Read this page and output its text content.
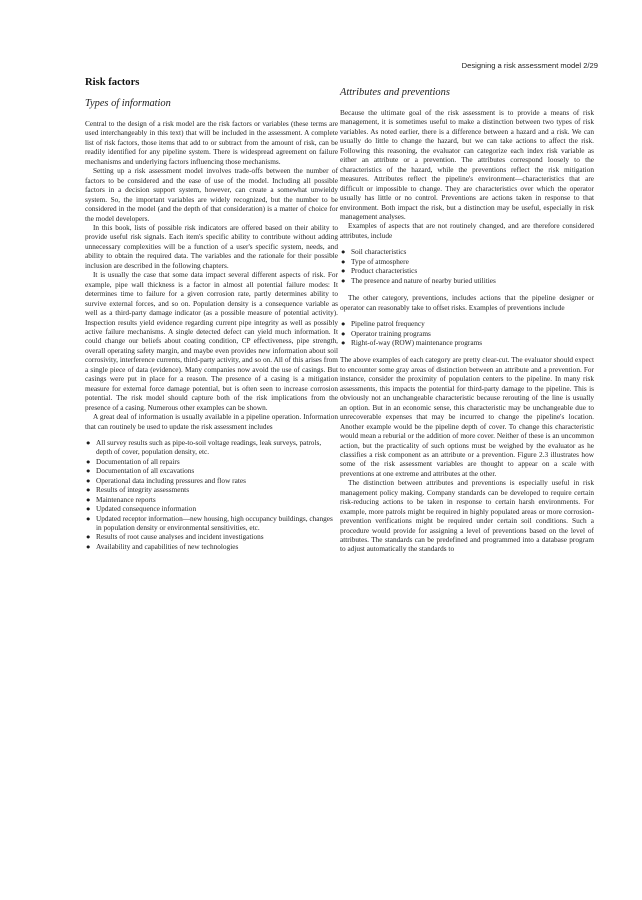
Designing a risk assessment model 2/29
Risk factors
Types of information

Central to the design of a risk model are the risk factors or variables (these terms are used interchangeably in this text) that will be included in the assessment. A complete list of risk factors, those items that add to or subtract from the amount of risk, can be readily identified for any pipeline system. There is widespread agreement on failure mechanisms and underlying factors influencing those mechanisms.

Setting up a risk assessment model involves trade-offs between the number of factors to be considered and the ease of use of the model. Including all possible factors in a decision support system, however, can create a somewhat unwieldy system. So, the important variables are widely recognized, but the number to be considered in the model (and the depth of that consideration) is a matter of choice for the model developers.

In this book, lists of possible risk indicators are offered based on their ability to provide useful risk signals. Each item's specific ability to contribute without adding unnecessary complexities will be a function of a user's specific system, needs, and ability to obtain the required data. The variables and the rationale for their possible inclusion are described in the following chapters.

It is usually the case that some data impact several different aspects of risk. For example, pipe wall thickness is a factor in almost all potential failure modes: It determines time to failure for a given corrosion rate, partly determines ability to survive external forces, and so on. Population density is a consequence variable as well as a third-party damage indicator (as a possible measure of potential activity). Inspection results yield evidence regarding current pipe integrity as well as possibly active failure mechanisms. A single detected defect can yield much information. It could change our beliefs about coating condition, CP effectiveness, pipe strength, overall operating safety margin, and maybe even provides new information about soil corrosivity, interference currents, third-party activity, and so on. All of this arises from a single piece of data (evidence). Many companies now avoid the use of casings. But casings were put in place for a reason. The presence of a casing is a mitigation measure for external force damage potential, but is often seen to increase corrosion potential. The risk model should capture both of the risk implications from the presence of a casing. Numerous other examples can be shown.

A great deal of information is usually available in a pipeline operation. Information that can routinely be used to update the risk assessment includes

● All survey results such as pipe-to-soil voltage readings, leak surveys, patrols, depth of cover, population density, etc.
● Documentation of all repairs
● Documentation of all excavations
● Operational data including pressures and flow rates
● Results of integrity assessments
● Maintenance reports
● Updated consequence information
● Updated receptor information—new housing, high occupancy buildings, changes in population density or environmental sensitivities, etc.
● Results of root cause analyses and incident investigations
● Availability and capabilities of new technologies
Attributes and preventions

Because the ultimate goal of the risk assessment is to provide a means of risk management, it is sometimes useful to make a distinction between two types of risk variables. As noted earlier, there is a difference between a hazard and a risk. We can usually do little to change the hazard, but we can take actions to affect the risk. Following this reasoning, the evaluator can categorize each index risk variable as either an attribute or a prevention. The attributes correspond loosely to the characteristics of the hazard, while the preventions reflect the risk mitigation measures. Attributes reflect the pipeline's environment—characteristics that are difficult or impossible to change. They are characteristics over which the operator usually has little or no control. Preventions are actions taken in response to that environment. Both impact the risk, but a distinction may be useful, especially in risk management analyses.

Examples of aspects that are not routinely changed, and are therefore considered attributes, include

● Soil characteristics
● Type of atmosphere
● Product characteristics
● The presence and nature of nearby buried utilities

The other category, preventions, includes actions that the pipeline designer or operator can reasonably take to offset risks. Examples of preventions include

● Pipeline patrol frequency
● Operator training programs
● Right-of-way (ROW) maintenance programs

The above examples of each category are pretty clear-cut. The evaluator should expect to encounter some gray areas of distinction between an attribute and a prevention. For instance, consider the proximity of population centers to the pipeline. In many risk assessments, this impacts the potential for third-party damage to the pipeline. This is obviously not an unchangeable characteristic because rerouting of the line is usually an option. But in an economic sense, this characteristic may be unchangeable due to unrecoverable expenses that may be incurred to change the pipeline's location. Another example would be the pipeline depth of cover. To change this characteristic would mean a reburial or the addition of more cover. Neither of these is an uncommon action, but the practicality of such options must be weighed by the evaluator as he classifies a risk component as an attribute or a prevention. Figure 2.3 illustrates how some of the risk assessment variables are thought to appear on a scale with preventions at one extreme and attributes at the other.

The distinction between attributes and preventions is especially useful in risk management policy making. Company standards can be developed to require certain risk-reducing actions to be taken in response to certain harsh environments. For example, more patrols might be required in highly populated areas or more corrosion-prevention verifications might be required under certain soil conditions. Such a procedure would provide for assigning a level of preventions based on the level of attributes. The standards can be predefined and programmed into a database program to adjust automatically the standards to
